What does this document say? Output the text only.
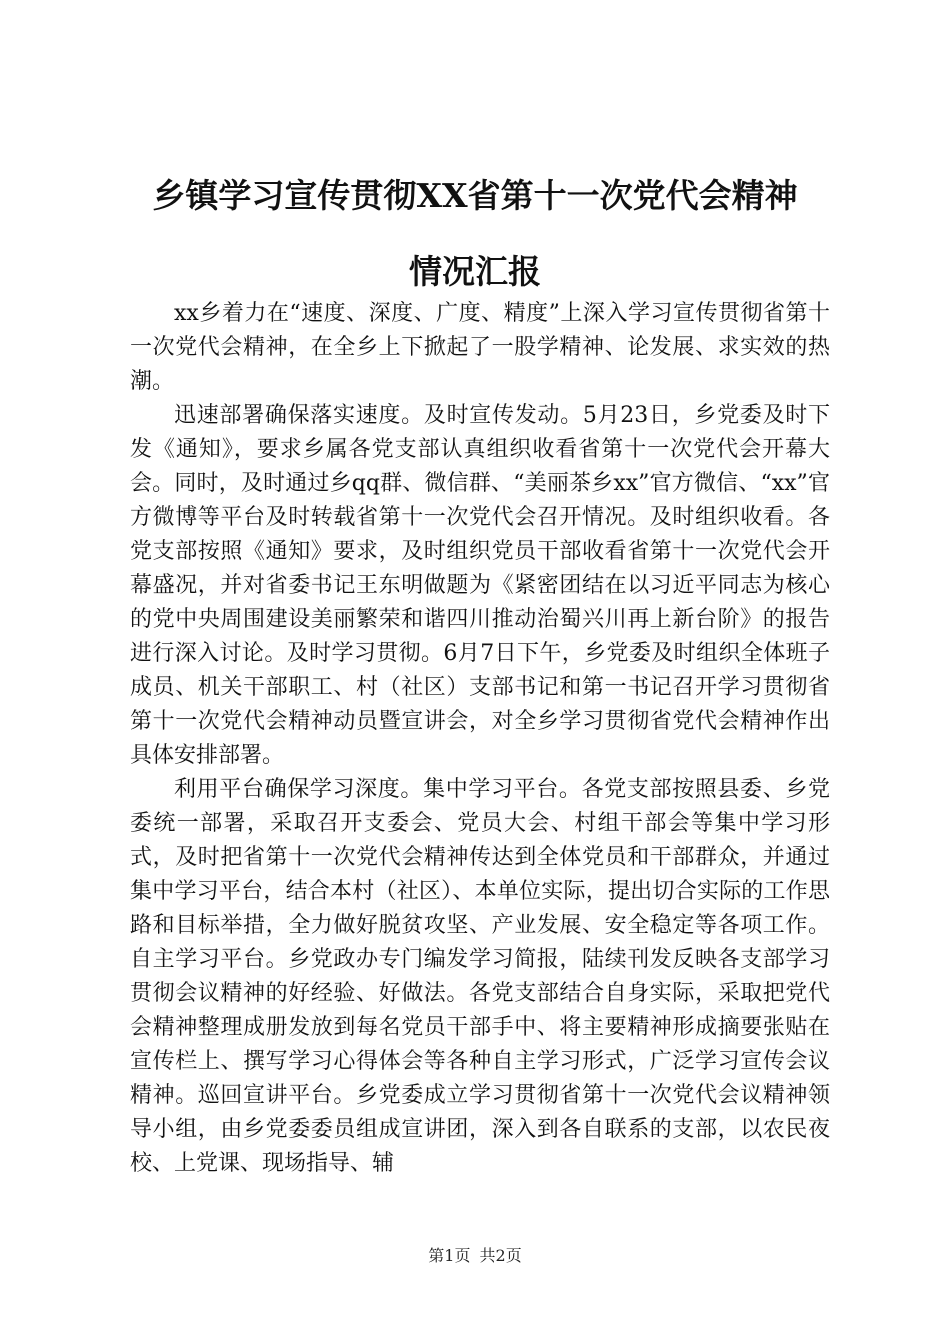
乡镇学习宣传贯彻XX省第十一次党代会精神
情况汇报

xx乡着力在“速度、深度、广度、精度”上深入学习宣传贯彻省第十一次党代会精神，在全乡上下掀起了一股学精神、论发展、求实效的热潮。

迅速部署确保落实速度。及时宣传发动。5月23日，乡党委及时下发《通知》，要求乡属各党支部认真组织收看省第十一次党代会开幕大会。同时，及时通过乡qq群、微信群、“美丽茶乡xx”官方微信、“xx”官方微博等平台及时转载省第十一次党代会召开情况。及时组织收看。各党支部按照《通知》要求，及时组织党员干部收看省第十一次党代会开幕盛况，并对省委书记王东明做题为《紧密团结在以习近平同志为核心的党中央周围建设美丽繁荣和谐四川推动治蜀兴川再上新台阶》的报告进行深入讨论。及时学习贯彻。6月7日下午，乡党委及时组织全体班子成员、机关干部职工、村（社区）支部书记和第一书记召开学习贯彻省第十一次党代会精神动员暨宣讲会，对全乡学习贯彻省党代会精神作出具体安排部署。

利用平台确保学习深度。集中学习平台。各党支部按照县委、乡党委统一部署，采取召开支委会、党员大会、村组干部会等集中学习形式，及时把省第十一次党代会精神传达到全体党员和干部群众，并通过集中学习平台，结合本村（社区）、本单位实际，提出切合实际的工作思路和目标举措，全力做好脱贫攻坚、产业发展、安全稳定等各项工作。自主学习平台。乡党政办专门编发学习简报，陆续刊发反映各支部学习贯彻会议精神的好经验、好做法。各党支部结合自身实际，采取把党代会精神整理成册发放到每名党员干部手中、将主要精神形成摘要张贴在宣传栏上、撰写学习心得体会等各种自主学习形式，广泛学习宣传会议精神。巡回宣讲平台。乡党委成立学习贯彻省第十一次党代会议精神领导小组，由乡党委委员组成宣讲团，深入到各自联系的支部，以农民夜校、上党课、现场指导、辅

第1页 共2页
